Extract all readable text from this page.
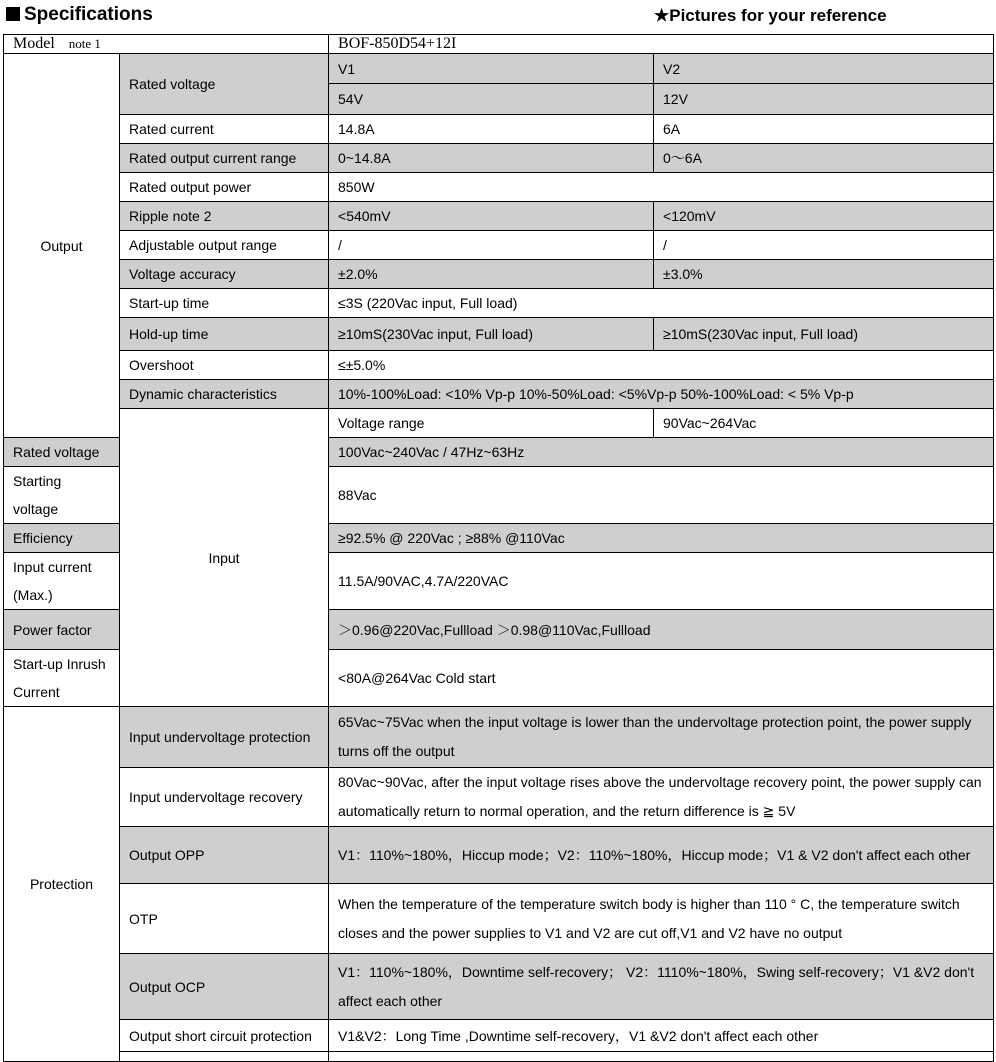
Specifications	★Pictures for your reference
Model note 1		BOF-850D54+12I	
Output	Rated voltage	V1	V2
		54V	12V
	Rated current	14.8A	6A
	Rated output current range	0~14.8A	0～6A
	Rated output power	850W	
	Ripple note 2	<540mV	<120mV
	Adjustable output range	/	/
	Voltage accuracy	±2.0%	±3.0%
	Start-up time	≤3S (220Vac input, Full load)	
	Hold-up time	≥10mS(230Vac input, Full load)	≥10mS(230Vac input, Full load)
	Overshoot	≤±5.0%	
	Dynamic characteristics	10%-100%Load: <10% Vp-p 10%-50%Load: <5%Vp-p 50%-100%Load: < 5% Vp-p	
	Input	Voltage range	90Vac~264Vac
Rated voltage		100Vac~240Vac / 47Hz~63Hz	
Starting voltage		88Vac	
Efficiency		≥92.5% @ 220Vac ; ≥88% @110Vac	
Input current (Max.)		11.5A/90VAC,4.7A/220VAC	
Power factor		＞0.96@220Vac,Fullload ＞0.98@110Vac,Fullload	
Start-up Inrush Current		<80A@264Vac Cold start	
Protection	Input undervoltage protection	65Vac~75Vac when the input voltage is lower than the undervoltage protection point, the power supply turns off the output	
	Input undervoltage recovery	80Vac~90Vac, after the input voltage rises above the undervoltage recovery point, the power supply can automatically return to normal operation, and the return difference is ≧ 5V	
	Output OPP	V1：110%~180%，Hiccup mode；V2：110%~180%，Hiccup mode；V1 & V2 don't affect each other	
	OTP	When the temperature of the temperature switch body is higher than 110 ° C, the temperature switch closes and the power supplies to V1 and V2 are cut off,V1 and V2 have no output	
	Output OCP	V1：110%~180%，Downtime self-recovery； V2：1110%~180%，Swing self-recovery；V1 &V2 don't affect each other	
	Output short circuit protection	V1&V2：Long Time ,Downtime self-recovery，V1 &V2 don't affect each other	
